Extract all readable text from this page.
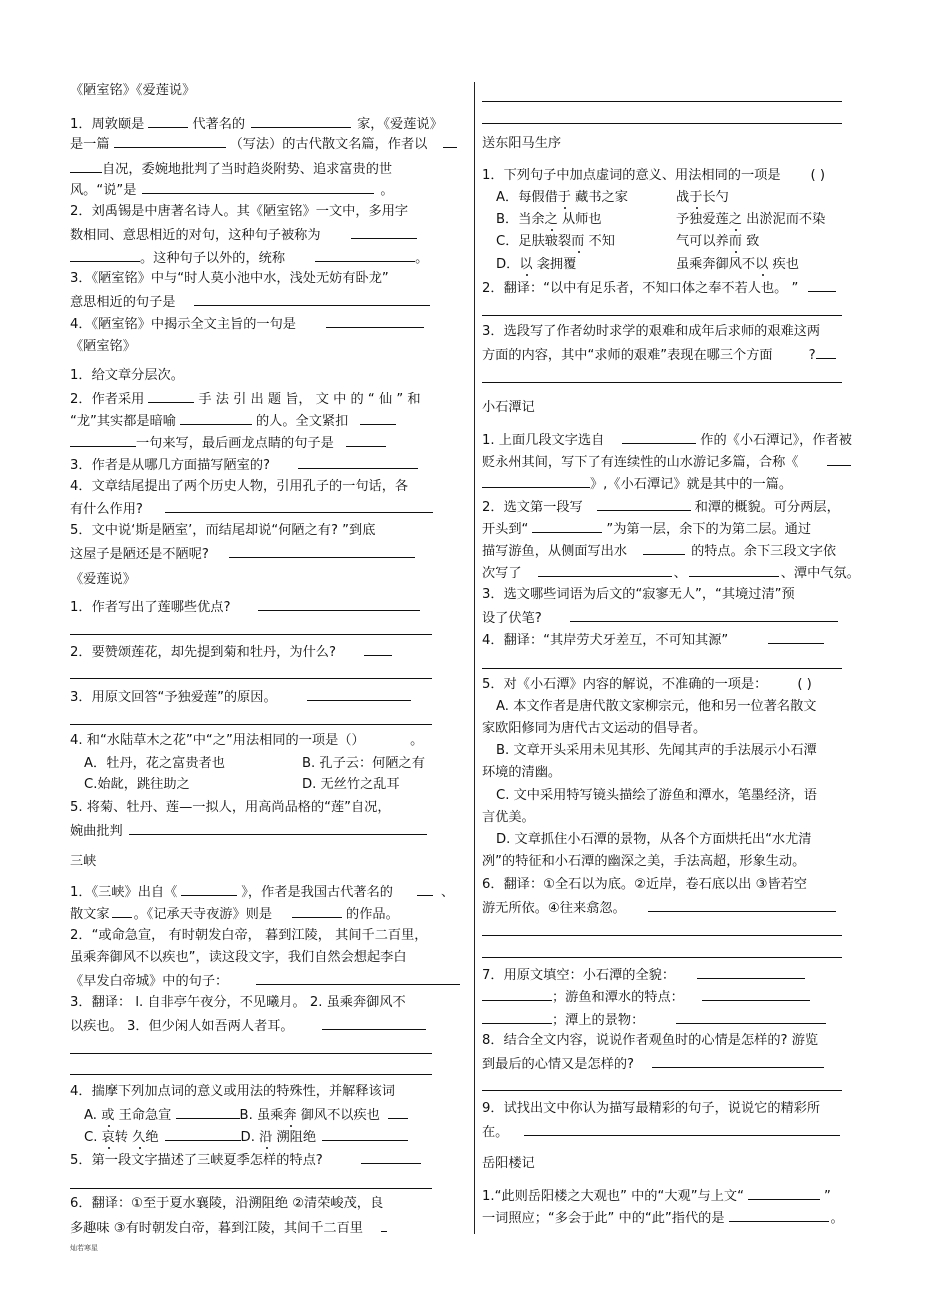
《陋室铭》《爱莲说》
1．周敦颐是	代著名的	家，《爱莲说》
是一篇	（写法）的古代散文名篇，作者以
自况，委婉地批判了当时趋炎附势、追求富贵的世
风。“说”是	。
2．刘禹锡是中唐著名诗人。其《陋室铭》一文中，多用字
数相同、意思相近的对句，这种句子被称为
。这种句子以外的，统称	。
3．《陋室铭》中与“时人莫小池中水，浅处无妨有卧龙”
意思相近的句子是
4．《陋室铭》中揭示全文主旨的一句是
《陋室铭》
1．给文章分层次。
2．作者采用	手 法 引 出 题 旨， 文 中 的 “ 仙 ” 和
“龙”其实都是暗喻	的人。全文紧扣
一句来写，最后画龙点睛的句子是
3．作者是从哪几方面描写陋室的?
4．文章结尾提出了两个历史人物，引用孔子的一句话，各
有什么作用?
5．文中说‘斯是陋室’，而结尾却说“何陋之有? ”到底
这屋子是陋还是不陋呢?
《爱莲说》
1．作者写出了莲哪些优点?
2．要赞颂莲花，却先提到菊和牡丹，为什么?
3．用原文回答“予独爱莲”的原因。
4. 和“水陆草木之花”中“之”用法相同的一项是（）	。
A．牡丹，花之富贵者也	B. 孔子云：何陋之有
C.始龀，跳往助之	D. 无丝竹之乱耳
5. 将菊、牡丹、莲—一拟人，用高尚品格的“莲”自况，
婉曲批判
三峡
1．《三峡》出自《	》，作者是我国古代著名的	、
散文家 。《记承天寺夜游》则是	的作品。
2．“或命急宣， 有时朝发白帝， 暮到江陵， 其间千二百里，
虽乘奔御风不以疾也”，读这段文字，我们自然会想起李白
《早发白帝城》中的句子：
3．翻译： l. 自非亭午夜分，不见曦月。 2. 虽乘奔御风不
以疾也。 3．但少闲人如吾两人者耳。
4．揣摩下列加点词的意义或用法的特殊性，并解释该词
A. 或 王命急宣	B. 虽乘奔 御风不以疾也
C. 哀转 久绝	D. 沿 溯阻绝
5．第一段文字描述了三峡夏季怎样的特点?
6．翻译：①至于夏水襄陵，沿溯阻绝 ②清荣峻茂，良
多趣味 ③有时朝发白帝，暮到江陵，其间千二百里
送东阳马生序
1．下列句子中加点虚词的意义、用法相同的一项是 ( )
A．每假借于 藏书之家	战于长勺
B．当余之 从师也	予独爱莲之 出淤泥而不染
C．足肤皲裂而 不知	气可以养而 致
D．以 衾拥覆	虽乘奔御风不以 疾也
2．翻译：“以中有足乐者，不知口体之奉不若人也。 ”
3．选段写了作者幼时求学的艰难和成年后求师的艰难这两
方面的内容，其中“求师的艰难”表现在哪三个方面	?
小石潭记
1. 上面几段文字选自	作的《小石潭记》，作者被
贬永州其间，写下了有连续性的山水游记多篇，合称《
》,《小石潭记》就是其中的一篇。
2．选文第一段写	和潭的概貌。可分两层，
开头到“	”为第一层，余下的为第二层。通过
描写游鱼，从侧面写出水	的特点。余下三段文字依
次写了	、	、潭中气氛。
3．选文哪些词语为后文的“寂寥无人”，“其境过清”预
设了伏笔?
4．翻译：“其岸劳犬牙差互，不可知其源”
5．对《小石潭》内容的解说，不准确的一项是： ( )
A. 本文作者是唐代散文家柳宗元，他和另一位著名散文
家欧阳修同为唐代古文运动的倡导者。
B. 文章开头采用未见其形、先闻其声的手法展示小石潭
环境的清幽。
C. 文中采用特写镜头描绘了游鱼和潭水，笔墨经济，语
言优美。
D. 文章抓住小石潭的景物，从各个方面烘托出“水尤清
冽”的特征和小石潭的幽深之美，手法高超，形象生动。
6．翻译：①全石以为底。②近岸，卷石底以出 ③皆若空
游无所依。④往来翕忽。
7．用原文填空：小石潭的全貌：
；游鱼和潭水的特点：
；潭上的景物：
8．结合全文内容，说说作者观鱼时的心情是怎样的? 游览
到最后的心情又是怎样的?
9．试找出文中你认为描写最精彩的句子，说说它的精彩所
在。
岳阳楼记
1.“此则岳阳楼之大观也” 中的“大观”与上文“	”
一词照应；“多会于此” 中的“此”指代的是	。
灿若寒星
